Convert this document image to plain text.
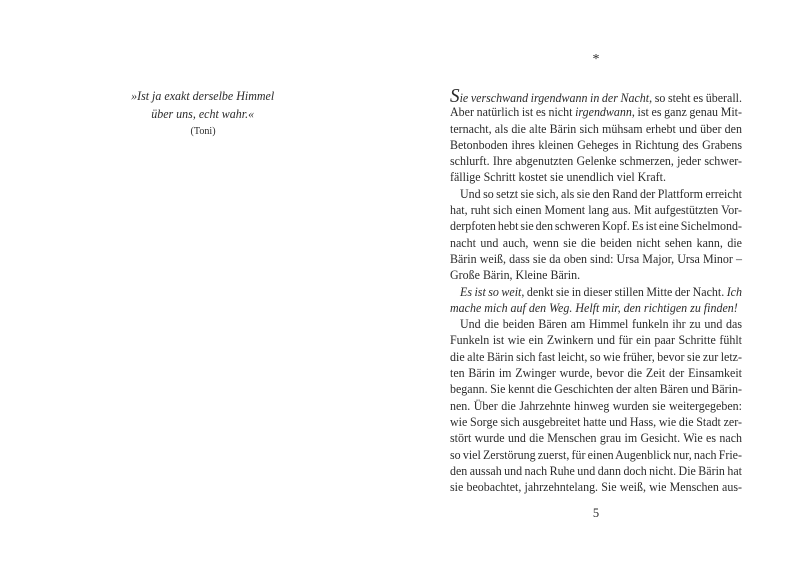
»Ist ja exakt derselbe Himmel
über uns, echt wahr.«
(Toni)
*
Sie verschwand irgendwann in der Nacht, so steht es überall.
Aber natürlich ist es nicht irgendwann, ist es ganz genau Mit-
ternacht, als die alte Bärin sich mühsam erhebt und über den
Betonboden ihres kleinen Geheges in Richtung des Grabens
schlurft. Ihre abgenutzten Gelenke schmerzen, jeder schwer-
fällige Schritt kostet sie unendlich viel Kraft.
Und so setzt sie sich, als sie den Rand der Plattform erreicht
hat, ruht sich einen Moment lang aus. Mit aufgestützten Vor-
derpfoten hebt sie den schweren Kopf. Es ist eine Sichelmond-
nacht und auch, wenn sie die beiden nicht sehen kann, die
Bärin weiß, dass sie da oben sind: Ursa Major, Ursa Minor –
Große Bärin, Kleine Bärin.
Es ist so weit, denkt sie in dieser stillen Mitte der Nacht. Ich
mache mich auf den Weg. Helft mir, den richtigen zu finden!
Und die beiden Bären am Himmel funkeln ihr zu und das
Funkeln ist wie ein Zwinkern und für ein paar Schritte fühlt
die alte Bärin sich fast leicht, so wie früher, bevor sie zur letz-
ten Bärin im Zwinger wurde, bevor die Zeit der Einsamkeit
begann. Sie kennt die Geschichten der alten Bären und Bärin-
nen. Über die Jahrzehnte hinweg wurden sie weitergegeben:
wie Sorge sich ausgebreitet hatte und Hass, wie die Stadt zer-
stört wurde und die Menschen grau im Gesicht. Wie es nach
so viel Zerstörung zuerst, für einen Augenblick nur, nach Frie-
den aussah und nach Ruhe und dann doch nicht. Die Bärin hat
sie beobachtet, jahrzehntelang. Sie weiß, wie Menschen aus-
5
